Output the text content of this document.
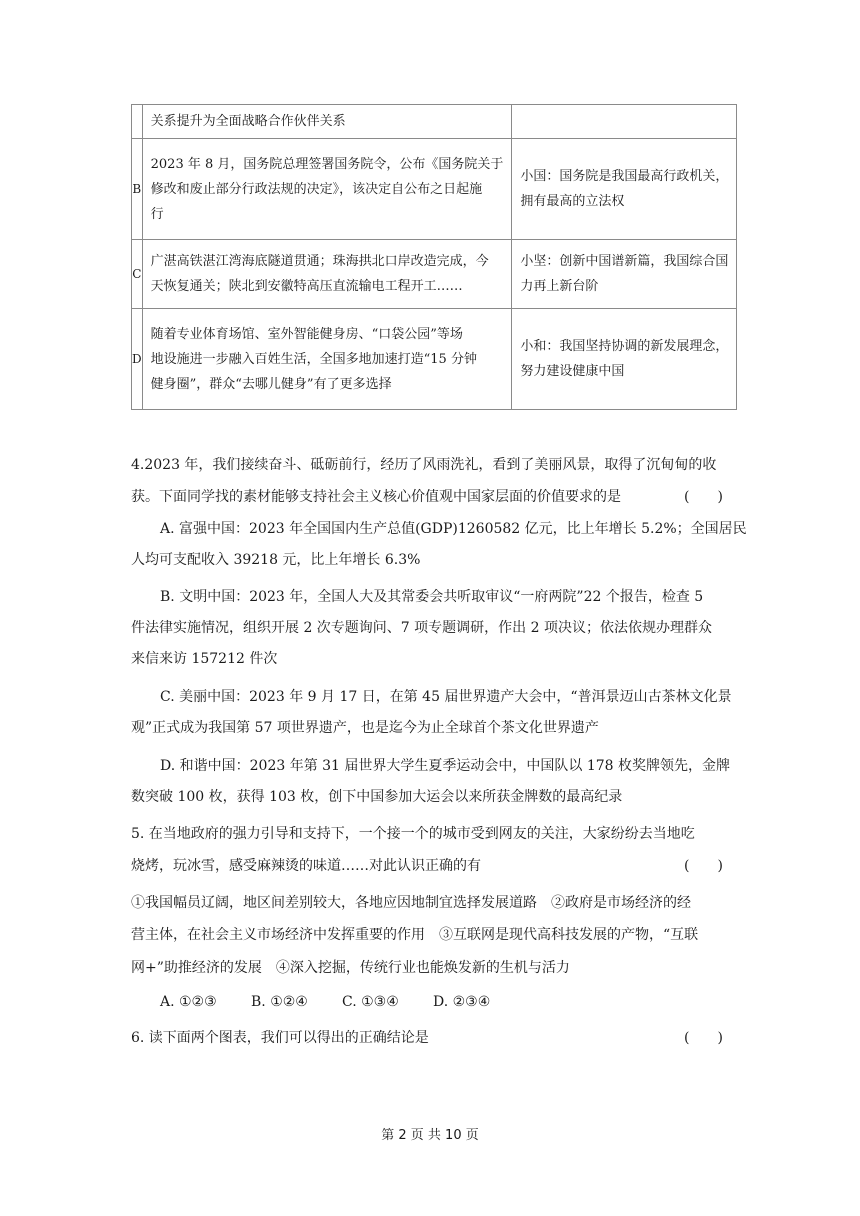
	关系提升为全面战略合作伙伴关系	

B	2023 年 8 月，国务院总理签署国务院令，公布《国务院关于
修改和废止部分行政法规的决定》，该决定自公布之日起施
行	小国：国务院是我国最高行政机关，
拥有最高的立法权

C	广湛高铁湛江湾海底隧道贯通；珠海拱北口岸改造完成，今
天恢复通关；陕北到安徽特高压直流输电工程开工……	小坚：创新中国谱新篇，我国综合国
力再上新台阶

D	随着专业体育场馆、室外智能健身房、“口袋公园”等场
地设施进一步融入百姓生活，全国多地加速打造“15 分钟
健身圈”，群众“去哪儿健身”有了更多选择	小和：我国坚持协调的新发展理念，
努力建设健康中国
4.2023 年，我们接续奋斗、砥砺前行，经历了风雨洗礼，看到了美丽风景，取得了沉甸甸的收
获。下面同学找的素材能够支持社会主义核心价值观中国家层面的价值要求的是	(　　)
A. 富强中国：2023 年全国国内生产总值(GDP)1260582 亿元，比上年增长 5.2%；全国居民
人均可支配收入 39218 元，比上年增长 6.3%
B. 文明中国：2023 年，全国人大及其常委会共听取审议“一府两院”22 个报告，检查 5
件法律实施情况，组织开展 2 次专题询问、7 项专题调研，作出 2 项决议；依法依规办理群众
来信来访 157212 件次
C. 美丽中国：2023 年 9 月 17 日，在第 45 届世界遗产大会中，“普洱景迈山古茶林文化景
观”正式成为我国第 57 项世界遗产，也是迄今为止全球首个茶文化世界遗产
D. 和谐中国：2023 年第 31 届世界大学生夏季运动会中，中国队以 178 枚奖牌领先，金牌
数突破 100 枚，获得 103 枚，创下中国参加大运会以来所获金牌数的最高纪录
5. 在当地政府的强力引导和支持下，一个接一个的城市受到网友的关注，大家纷纷去当地吃
烧烤，玩冰雪，感受麻辣烫的味道……对此认识正确的有	(　　)
①我国幅员辽阔，地区间差别较大，各地应因地制宜选择发展道路　②政府是市场经济的经
营主体，在社会主义市场经济中发挥重要的作用　③互联网是现代高科技发展的产物，“互联
网+”助推经济的发展　④深入挖掘，传统行业也能焕发新的生机与活力
A. ①②③ B. ①②④ C. ①③④ D. ②③④
6. 读下面两个图表，我们可以得出的正确结论是	(　　)
第 2 页 共 10 页
